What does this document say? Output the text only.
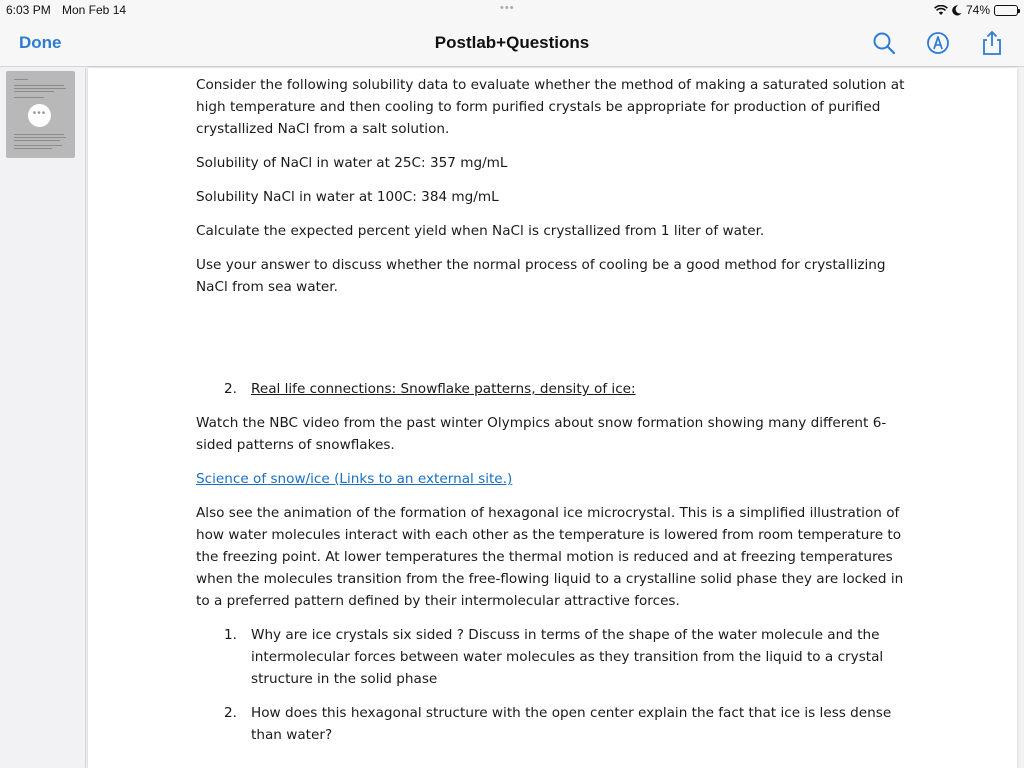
6:03 PM Mon Feb 14	•••	74%
Done	Postlab+Questions
•••

Consider the following solubility data to evaluate whether the method of making a saturated solution at high temperature and then cooling to form purified crystals be appropriate for production of purified crystallized NaCl from a salt solution.

Solubility of NaCl in water at 25C: 357 mg/mL

Solubility NaCl in water at 100C: 384 mg/mL

Calculate the expected percent yield when NaCl is crystallized from 1 liter of water.

Use your answer to discuss whether the normal process of cooling be a good method for crystallizing NaCl from sea water.

2.	Real life connections: Snowflake patterns, density of ice:

Watch the NBC video from the past winter Olympics about snow formation showing many different 6-sided patterns of snowflakes.

Science of snow/ice (Links to an external site.)

Also see the animation of the formation of hexagonal ice microcrystal. This is a simplified illustration of how water molecules interact with each other as the temperature is lowered from room temperature to the freezing point. At lower temperatures the thermal motion is reduced and at freezing temperatures when the molecules transition from the free-flowing liquid to a crystalline solid phase they are locked in to a preferred pattern defined by their intermolecular attractive forces.

1.	Why are ice crystals six sided ? Discuss in terms of the shape of the water molecule and the intermolecular forces between water molecules as they transition from the liquid to a crystal structure in the solid phase
2.	How does this hexagonal structure with the open center explain the fact that ice is less dense than water?
